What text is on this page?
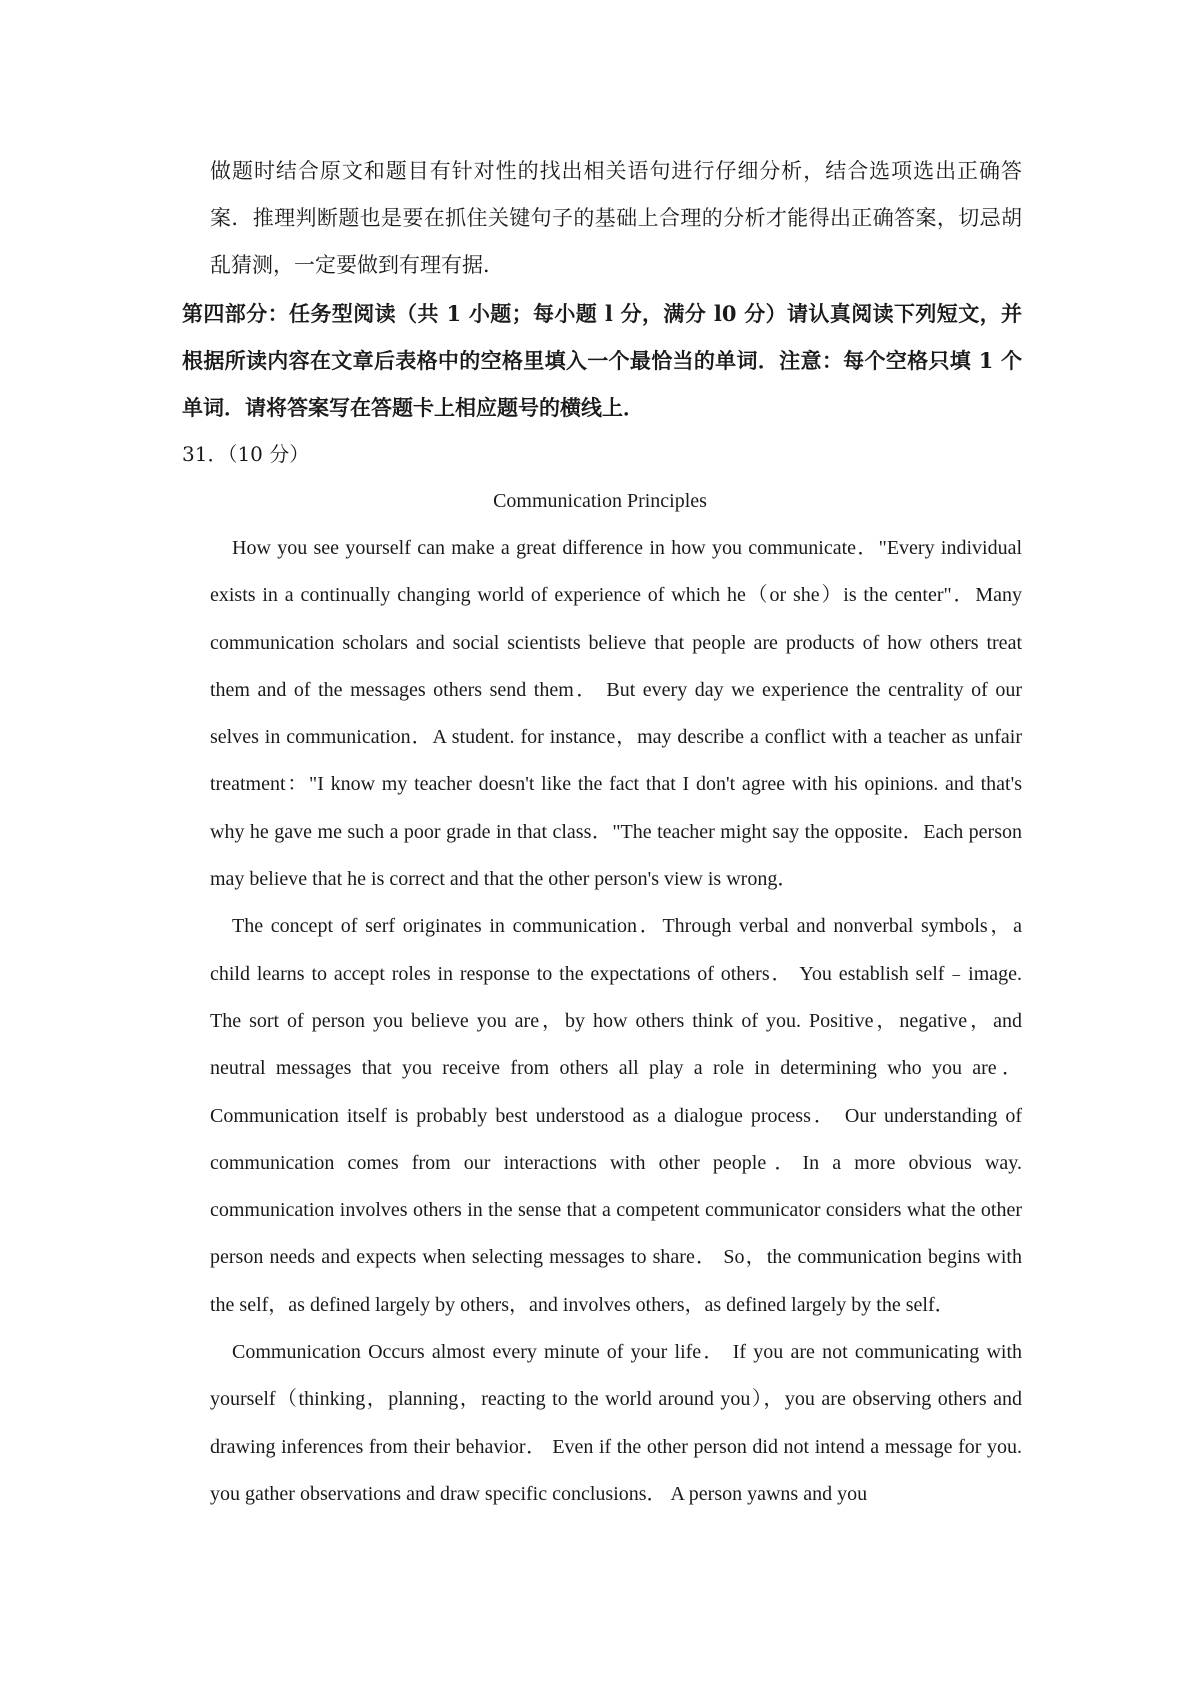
做题时结合原文和题目有针对性的找出相关语句进行仔细分析，结合选项选出正确答案．推理判断题也是要在抓住关键句子的基础上合理的分析才能得出正确答案，切忌胡乱猜测，一定要做到有理有据．
第四部分：任务型阅读（共 1 小题；每小题 l 分，满分 l0 分）请认真阅读下列短文，并根据所读内容在文章后表格中的空格里填入一个最恰当的单词．注意：每个空格只填 1 个单词．请将答案写在答题卡上相应题号的横线上．
31．（10 分）
Communication Principles

How you see yourself can make a great difference in how you communicate．"Every individual exists in a continually changing world of experience of which he（or she）is the center"．Many communication scholars and social scientists believe that people are products of how others treat them and of the messages others send them． But every day we experience the centrality of our selves in communication．A student. for instance，may describe a conflict with a teacher as unfair treatment："I know my teacher doesn't like the fact that I don't agree with his opinions. and that's why he gave me such a poor grade in that class．"The teacher might say the opposite．Each person may believe that he is correct and that the other person's view is wrong．

The concept of serf originates in communication．Through verbal and nonverbal symbols，a child learns to accept roles in response to the expectations of others． You establish self﹣image. The sort of person you believe you are，by how others think of you. Positive，negative，and neutral messages that you receive from others all play a role in determining who you are． Communication itself is probably best understood as a dialogue process． Our understanding of communication comes from our interactions with other people．In a more obvious way. communication involves others in the sense that a competent communicator considers what the other person needs and expects when selecting messages to share． So，the communication begins with the self，as defined largely by others，and involves others，as defined largely by the self．

Communication Occurs almost every minute of your life． If you are not communicating with yourself（thinking，planning，reacting to the world around you），you are observing others and drawing inferences from their behavior． Even if the other person did not intend a message for you. you gather observations and draw specific conclusions． A person yawns and you
